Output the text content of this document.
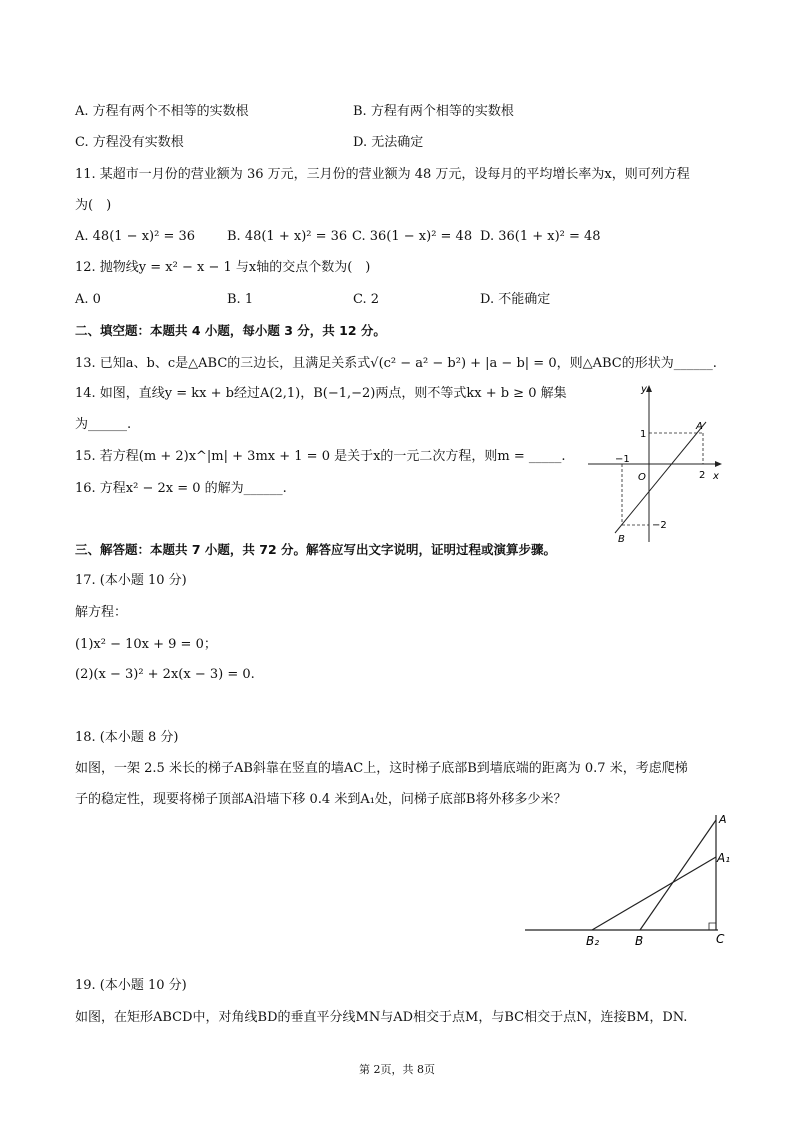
A. 方程有两个不相等的实数根	B. 方程有两个相等的实数根
C. 方程没有实数根	D. 无法确定
11. 某超市一月份的营业额为 36 万元，三月份的营业额为 48 万元，设每月的平均增长率为x，则可列方程
为(　)
A. 48(1 − x)² = 36 B. 48(1 + x)² = 36 C. 36(1 − x)² = 48 D. 36(1 + x)² = 48
12. 抛物线y = x² − x − 1 与x轴的交点个数为(　)
A. 0	B. 1	C. 2	D. 不能确定
二、填空题：本题共 4 小题，每小题 3 分，共 12 分。
13. 已知a、b、c是△ABC的三边长，且满足关系式√(c² − a² − b²) + |a − b| = 0，则△ABC的形状为______.
14. 如图，直线y = kx + b经过A(2,1)，B(−1,−2)两点，则不等式kx + b ≥ 0 解集
为______.
15. 若方程(m + 2)x^|m| + 3mx + 1 = 0 是关于x的一元二次方程，则m = _____.
16. 方程x² − 2x = 0 的解为______.
y
x
A
B
O
1
−1
2
−2
三、解答题：本题共 7 小题，共 72 分。解答应写出文字说明，证明过程或演算步骤。
17. (本小题 10 分)
解方程：
(1)x² − 10x + 9 = 0；
(2)(x − 3)² + 2x(x − 3) = 0.
18. (本小题 8 分)
如图，一架 2.5 米长的梯子AB斜靠在竖直的墙AC上，这时梯子底部B到墙底端的距离为 0.7 米，考虑爬梯
子的稳定性，现要将梯子顶部A沿墙下移 0.4 米到A₁处，问梯子底部B将外移多少米？
A
A₁
B
B₂	C
19. (本小题 10 分)
如图，在矩形ABCD中，对角线BD的垂直平分线MN与AD相交于点M，与BC相交于点N，连接BM，DN.
第 2页，共 8页
